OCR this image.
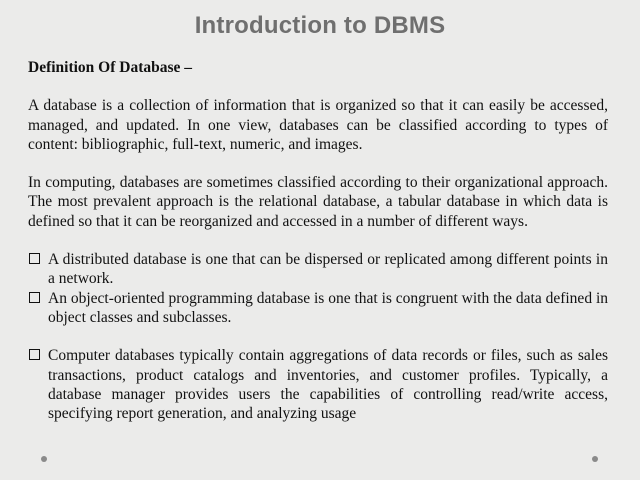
Introduction to DBMS

Definition Of Database –

A database is a collection of information that is organized so that it can easily be accessed, managed, and updated. In one view, databases can be classified according to types of content: bibliographic, full-text, numeric, and images.

In computing, databases are sometimes classified according to their organizational approach. The most prevalent approach is the relational database, a tabular database in which data is defined so that it can be reorganized and accessed in a number of different ways.

A distributed database is one that can be dispersed or replicated among different points in a network.
An object-oriented programming database is one that is congruent with the data defined in object classes and subclasses.
Computer databases typically contain aggregations of data records or files, such as sales transactions, product catalogs and inventories, and customer profiles. Typically, a database manager provides users the capabilities of controlling read/write access, specifying report generation, and analyzing usage
